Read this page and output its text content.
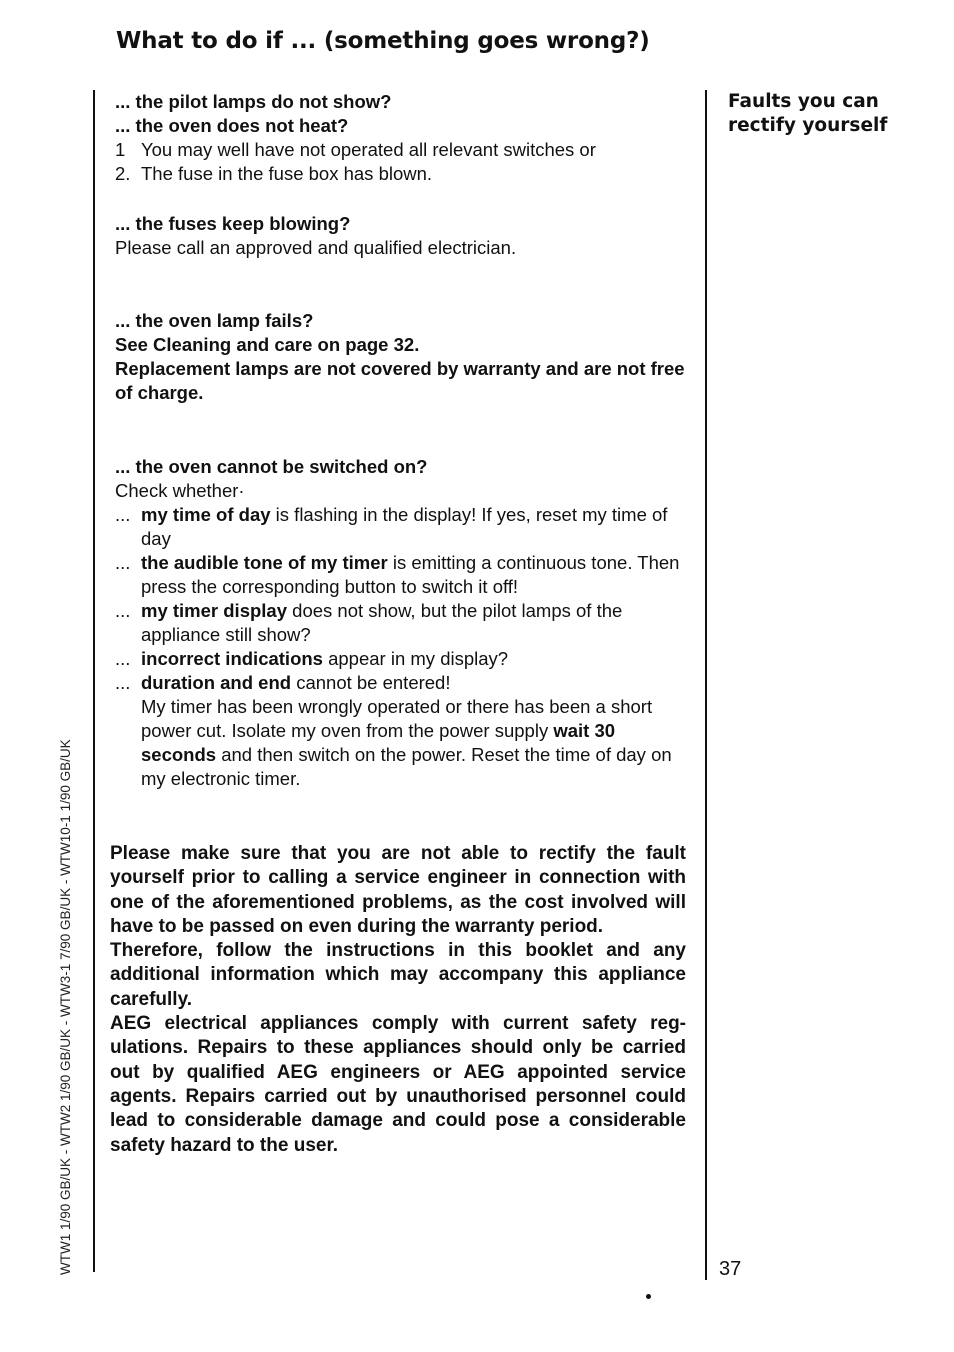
What to do if ... (something goes wrong?)
Faults you can rectify yourself
... the pilot lamps do not show?
... the oven does not heat?
1 You may well have not operated all relevant switches or
2. The fuse in the fuse box has blown.
... the fuses keep blowing?
Please call an approved and qualified electrician.
... the oven lamp fails?
See Cleaning and care on page 32.
Replacement lamps are not covered by warranty and are not free of charge.
... the oven cannot be switched on?
Check whether·
... my time of day is flashing in the display! If yes, reset my time of day
... the audible tone of my timer is emitting a continuous tone. Then press the corresponding button to switch it off!
... my timer display does not show, but the pilot lamps of the appliance still show?
... incorrect indications appear in my display?
... duration and end cannot be entered!
My timer has been wrongly operated or there has been a short power cut. Isolate my oven from the power supply wait 30 seconds and then switch on the power. Reset the time of day on my electronic timer.

Please make sure that you are not able to rectify the fault yourself prior to calling a service engineer in connection with one of the aforementioned problems, as the cost involved will have to be passed on even during the warranty period.

Therefore, follow the instructions in this booklet and any additional information which may accompany this appliance carefully.

AEG electrical appliances comply with current safety regulations. Repairs to these appliances should only be carried out by qualified AEG engineers or AEG appointed service agents. Repairs carried out by unauthorised personnel could lead to considerable damage and could pose a considerable safety hazard to the user.

WTW1 1/90 GB/UK - WTW2 1/90 GB/UK - WTW3-1 7/90 GB/UK - WTW10-1 1/90 GB/UK	37
